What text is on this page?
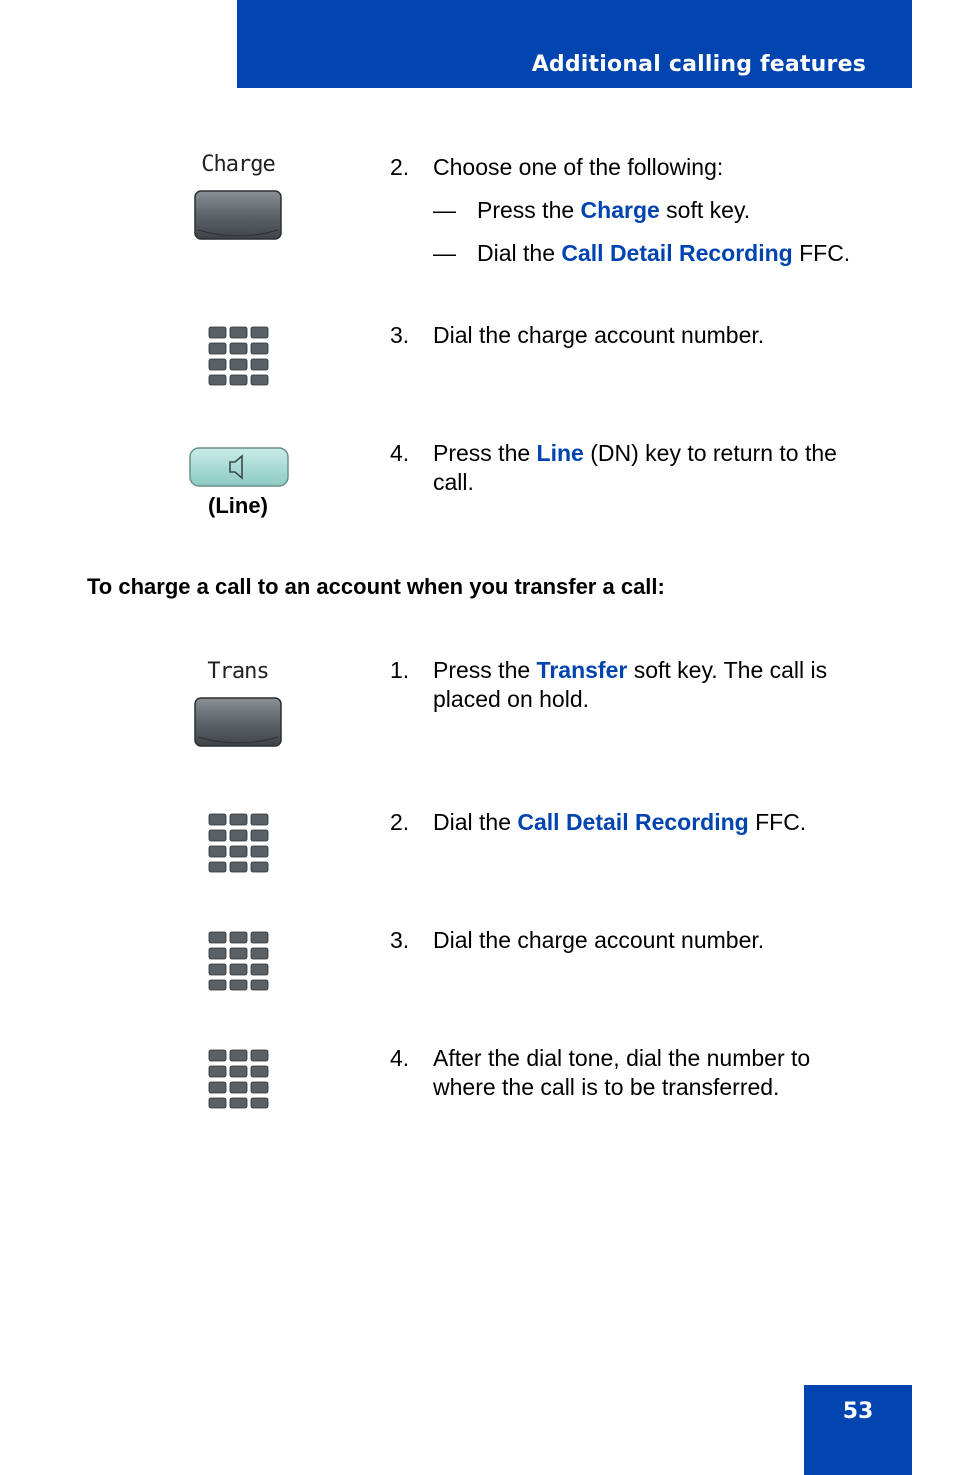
Additional calling features
Charge	2. Choose one of the following:
— Press the Charge soft key.
— Dial the Call Detail Recording FFC.
3. Dial the charge account number.
(Line)
4. Press the Line (DN) key to return to the call.
To charge a call to an account when you transfer a call:
Trans	1. Press the Transfer soft key. The call is placed on hold.
2. Dial the Call Detail Recording FFC.
3. Dial the charge account number.
4. After the dial tone, dial the number to where the call is to be transferred.
53
